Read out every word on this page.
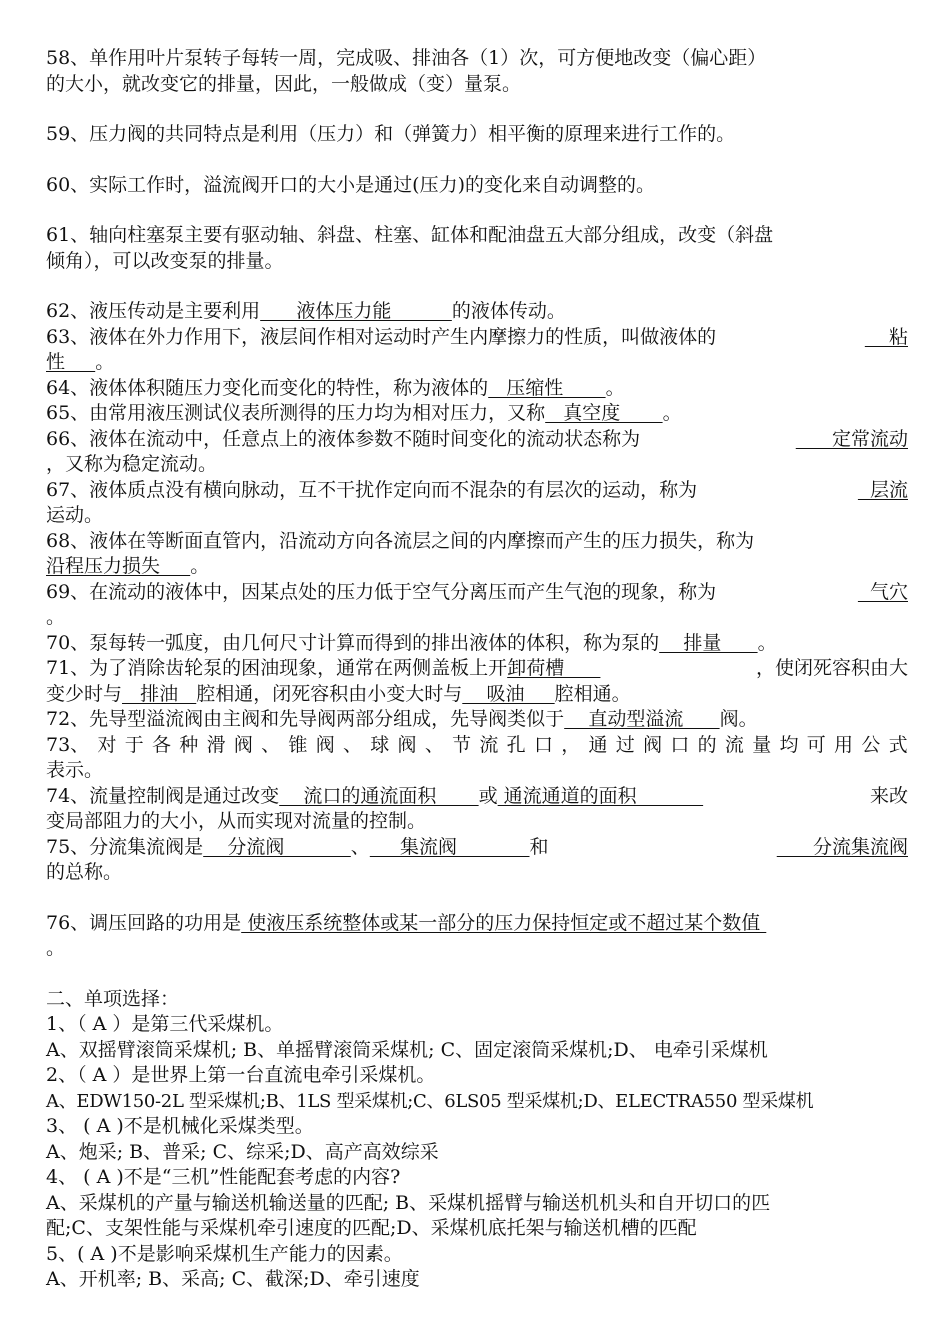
58、单作用叶片泵转子每转一周，完成吸、排油各（1）次，可方便地改变（偏心距）
的大小，就改变它的排量，因此，一般做成（变）量泵。
59、压力阀的共同特点是利用（压力）和（弹簧力）相平衡的原理来进行工作的。
60、实际工作时，溢流阀开口的大小是通过(压力)的变化来自动调整的。
61、轴向柱塞泵主要有驱动轴、斜盘、柱塞、缸体和配油盘五大部分组成，改变（斜盘
倾角），可以改变泵的排量。
62、液压传动是主要利用      液体压力能          的液体传动。
63、液体在外力作用下，液层间作相对运动时产生内摩擦力的性质，叫做液体的	粘
性     。
64、液体体积随压力变化而变化的特性，称为液体的   压缩性       。
65、由常用液压测试仪表所测得的压力均为相对压力，又称   真空度       。
66、液体在流动中，任意点上的液体参数不随时间变化的流动状态称为	定常流动
，又称为稳定流动。
67、液体质点没有横向脉动，互不干扰作定向而不混杂的有层次的运动，称为	层流
运动。
68、液体在等断面直管内，沿流动方向各流层之间的内摩擦而产生的压力损失，称为
沿程压力损失     。
69、在流动的液体中，因某点处的压力低于空气分离压而产生气泡的现象，称为	气穴
。
70、泵每转一弧度，由几何尺寸计算而得到的排出液体的体积，称为泵的    排量      。
71、为了消除齿轮泵的困油现象，通常在两侧盖板上开卸荷槽	，使闭死容积由大
变少时与   排油   腔相通，闭死容积由小变大时与    吸油     腔相通。
72、先导型溢流阀由主阀和先导阀两部分组成，先导阀类似于    直动型溢流      阀。
73、 对 于 各 种 滑 阀 、 锥 阀 、 球 阀 、 节 流 孔 口 ， 通 过 阀 口 的 流 量 均 可 用 公 式
表示。
74、流量控制阀是通过改变    流口的通流面积       或 通流通道的面积	来改
变局部阻力的大小，从而实现对流量的控制。
75、分流集流阀是    分流阀           、     集流阀            和	分流集流阀
的总称。
76、调压回路的功用是 使液压系统整体或某一部分的压力保持恒定或不超过某个数值
。
二、单项选择：
1、（ A ）是第三代采煤机。
A、双摇臂滚筒采煤机; B、单摇臂滚筒采煤机; C、固定滚筒采煤机;D、 电牵引采煤机
2、（ A ）是世界上第一台直流电牵引采煤机。
A、EDW150-2L 型采煤机;B、1LS 型采煤机;C、6LS05 型采煤机;D、ELECTRA550 型采煤机
3、 ( A )不是机械化采煤类型。
A、炮采; B、普采; C、综采;D、高产高效综采
4、 ( A )不是“三机”性能配套考虑的内容?
A、采煤机的产量与输送机输送量的匹配; B、采煤机摇臂与输送机机头和自开切口的匹
配;C、支架性能与采煤机牵引速度的匹配;D、采煤机底托架与输送机槽的匹配
5、( A )不是影响采煤机生产能力的因素。
A、开机率; B、采高; C、截深;D、牵引速度
